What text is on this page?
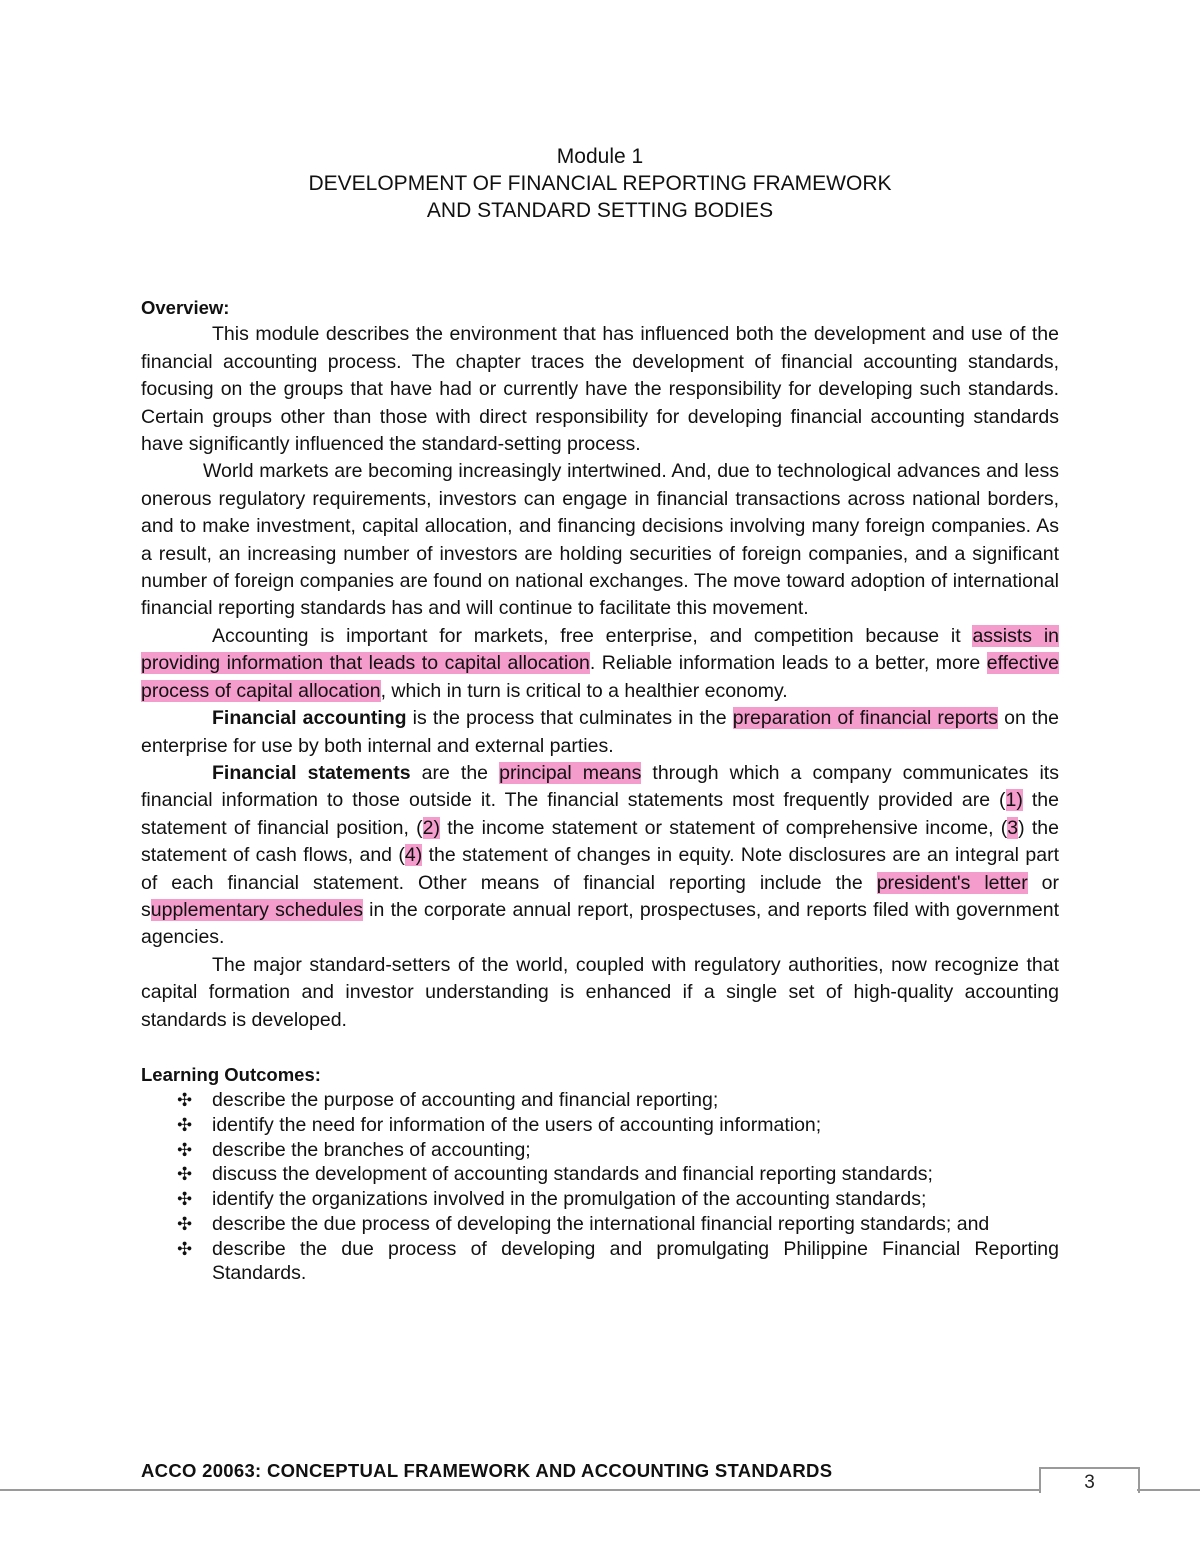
Module 1
DEVELOPMENT OF FINANCIAL REPORTING FRAMEWORK
AND STANDARD SETTING BODIES
Overview:

This module describes the environment that has influenced both the development and use of the financial accounting process. The chapter traces the development of financial accounting standards, focusing on the groups that have had or currently have the responsibility for developing such standards. Certain groups other than those with direct responsibility for developing financial accounting standards have significantly influenced the standard-setting process.

World markets are becoming increasingly intertwined. And, due to technological advances and less onerous regulatory requirements, investors can engage in financial transactions across national borders, and to make investment, capital allocation, and financing decisions involving many foreign companies. As a result, an increasing number of investors are holding securities of foreign companies, and a significant number of foreign companies are found on national exchanges. The move toward adoption of international financial reporting standards has and will continue to facilitate this movement.

Accounting is important for markets, free enterprise, and competition because it assists in providing information that leads to capital allocation. Reliable information leads to a better, more effective process of capital allocation, which in turn is critical to a healthier economy.

Financial accounting is the process that culminates in the preparation of financial reports on the enterprise for use by both internal and external parties.

Financial statements are the principal means through which a company communicates its financial information to those outside it. The financial statements most frequently provided are (1) the statement of financial position, (2) the income statement or statement of comprehensive income, (3) the statement of cash flows, and (4) the statement of changes in equity. Note disclosures are an integral part of each financial statement. Other means of financial reporting include the president's letter or supplementary schedules in the corporate annual report, prospectuses, and reports filed with government agencies.

The major standard-setters of the world, coupled with regulatory authorities, now recognize that capital formation and investor understanding is enhanced if a single set of high-quality accounting standards is developed.

Learning Outcomes:
✣ describe the purpose of accounting and financial reporting;
✣ identify the need for information of the users of accounting information;
✣ describe the branches of accounting;
✣ discuss the development of accounting standards and financial reporting standards;
✣ identify the organizations involved in the promulgation of the accounting standards;
✣ describe the due process of developing the international financial reporting standards; and
✣ describe the due process of developing and promulgating Philippine Financial Reporting Standards.
ACCO 20063: CONCEPTUAL FRAMEWORK AND ACCOUNTING STANDARDS
3
